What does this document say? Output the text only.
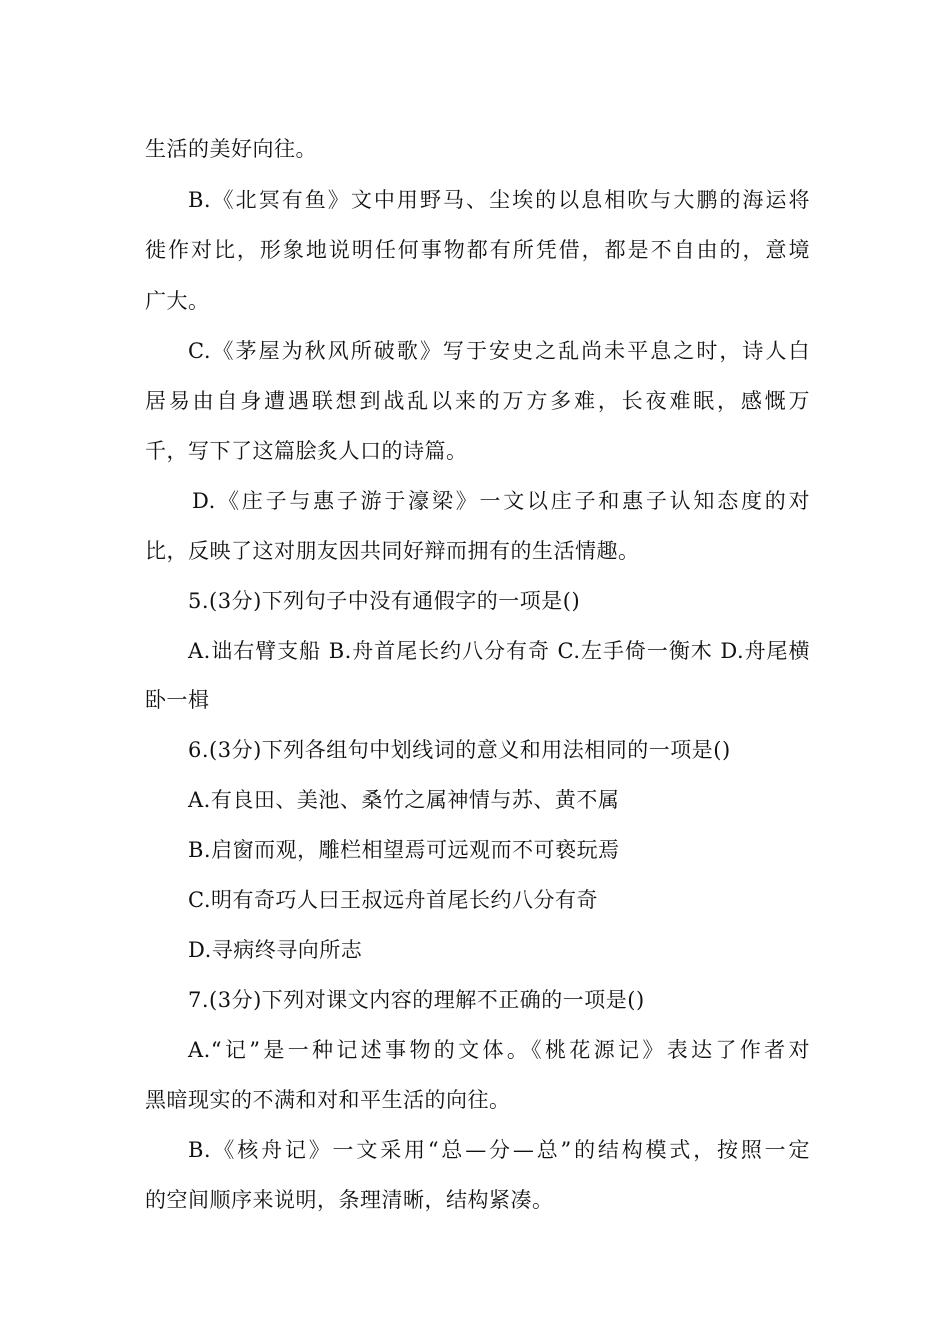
生活的美好向往。
B.《北冥有鱼》文中用野马、尘埃的以息相吹与大鹏的海运将
徙作对比，形象地说明任何事物都有所凭借，都是不自由的，意境
广大。
C.《茅屋为秋风所破歌》写于安史之乱尚未平息之时，诗人白
居易由自身遭遇联想到战乱以来的万方多难，长夜难眠，感慨万
千，写下了这篇脍炙人口的诗篇。
D.《庄子与惠子游于濠梁》一文以庄子和惠子认知态度的对
比，反映了这对朋友因共同好辩而拥有的生活情趣。
5.(3分)下列句子中没有通假字的一项是()
A.诎右臂支船 B.舟首尾长约八分有奇 C.左手倚一衡木 D.舟尾横
卧一楫
6.(3分)下列各组句中划线词的意义和用法相同的一项是()
A.有良田、美池、桑竹之属神情与苏、黄不属
B.启窗而观，雕栏相望焉可远观而不可亵玩焉
C.明有奇巧人曰王叔远舟首尾长约八分有奇
D.寻病终寻向所志
7.(3分)下列对课文内容的理解不正确的一项是()
A.“记”是一种记述事物的文体。《桃花源记》表达了作者对
黑暗现实的不满和对和平生活的向往。
B.《核舟记》一文采用“总—分—总”的结构模式，按照一定
的空间顺序来说明，条理清晰，结构紧凑。
